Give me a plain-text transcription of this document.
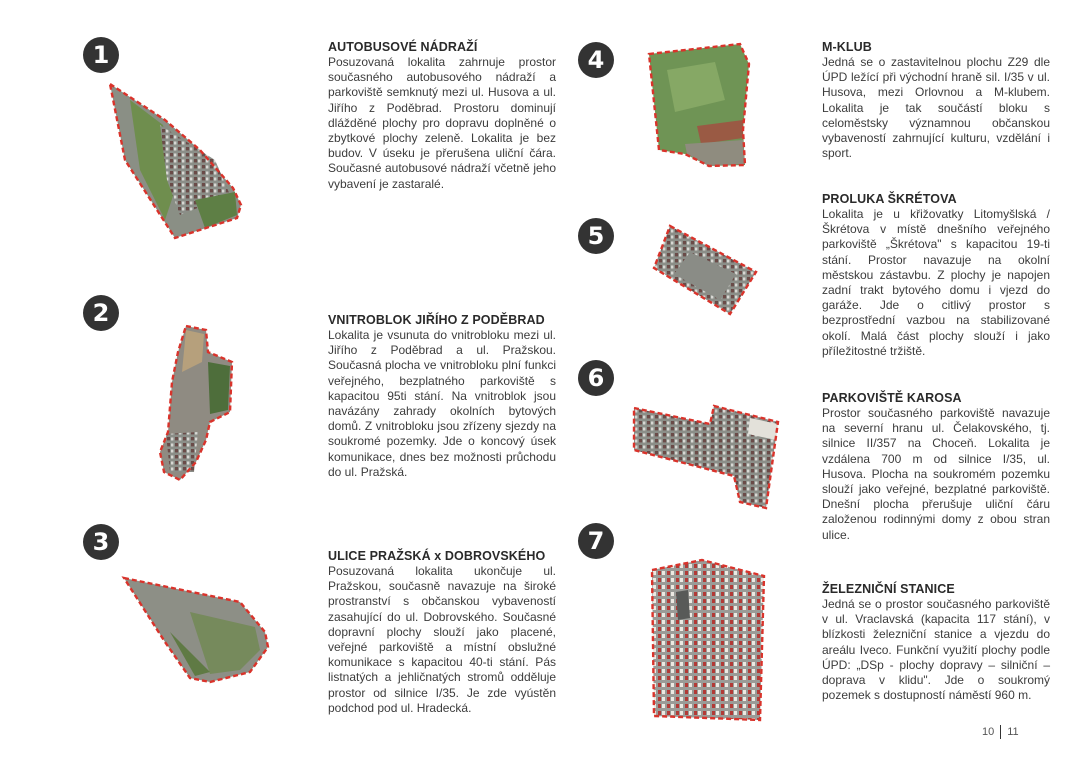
1	AUTOBUSOVÉ NÁDRAŽÍ

Posuzovaná lokalita zahrnuje prostor současného autobusového nádraží a parkoviště semknutý mezi ul. Husova a ul. Jiřího z Poděbrad. Prostoru dominují dlážděné plochy pro dopravu doplněné o zbytkové plochy zeleně. Lokalita je bez budov. V úseku je přerušena uliční čára. Současné autobusové nádraží včetně jeho vybavení je zastaralé.

2	VNITROBLOK JIŘÍHO Z PODĚBRAD

Lokalita je vsunuta do vnitrobloku mezi ul. Jiřího z Poděbrad a ul. Pražskou. Současná plocha ve vnitrobloku plní funkci veřejného, bezplatného parkoviště s kapacitou 95ti stání. Na vnitroblok jsou navázány zahrady okolních bytových domů. Z vnitrobloku jsou zřízeny sjezdy na soukromé pozemky. Jde o koncový úsek komunikace, dnes bez možnosti průchodu do ul. Pražská.

3	ULICE PRAŽSKÁ x DOBROVSKÉHO

Posuzovaná lokalita ukončuje ul. Pražskou, současně navazuje na široké prostranství s občanskou vybaveností zasahující do ul. Dobrovského. Současné dopravní plochy slouží jako placené, veřejné parkoviště a místní obslužné komunikace s kapacitou 40-ti stání. Pás listnatých a jehličnatých stromů odděluje prostor od silnice I/35. Je zde vyústěn podchod pod ul. Hradecká.

4	M-KLUB

Jedná se o zastavitelnou plochu Z29 dle ÚPD ležící při východní hraně sil. I/35 v ul. Husova, mezi Orlovnou a M-klubem. Lokalita je tak součástí bloku s celoměstsky významnou občanskou vybaveností zahrnující kulturu, vzdělání i sport.

5
PROLUKA ŠKRÉTOVA

Lokalita je u křižovatky Litomyšlská / Škrétova v místě dnešního veřejného parkoviště „Škrétova" s kapacitou 19-ti stání. Prostor navazuje na okolní městskou zástavbu. Z plochy je napojen zadní trakt bytového domu i vjezd do garáže. Jde o citlivý prostor s bezprostřední vazbou na stabilizované okolí. Malá část plochy slouží i jako příležitostné tržiště.

6
PARKOVIŠTĚ KAROSA

Prostor současného parkoviště navazuje na severní hranu ul. Čelakovského, tj. silnice II/357 na Choceň. Lokalita je vzdálena 700 m od silnice I/35, ul. Husova. Plocha na soukromém pozemku slouží jako veřejné, bezplatné parkoviště. Dnešní plocha přerušuje uliční čáru založenou rodinnými domy z obou stran ulice.

7
ŽELEZNIČNÍ STANICE

Jedná se o prostor současného parkoviště v ul. Vraclavská (kapacita 117 stání), v blízkosti železniční stanice a vjezdu do areálu Iveco. Funkční využití plochy podle ÚPD: „DSp - plochy dopravy – silniční – doprava v klidu". Jde o soukromý pozemek s dostupností náměstí 960 m.

10 11
